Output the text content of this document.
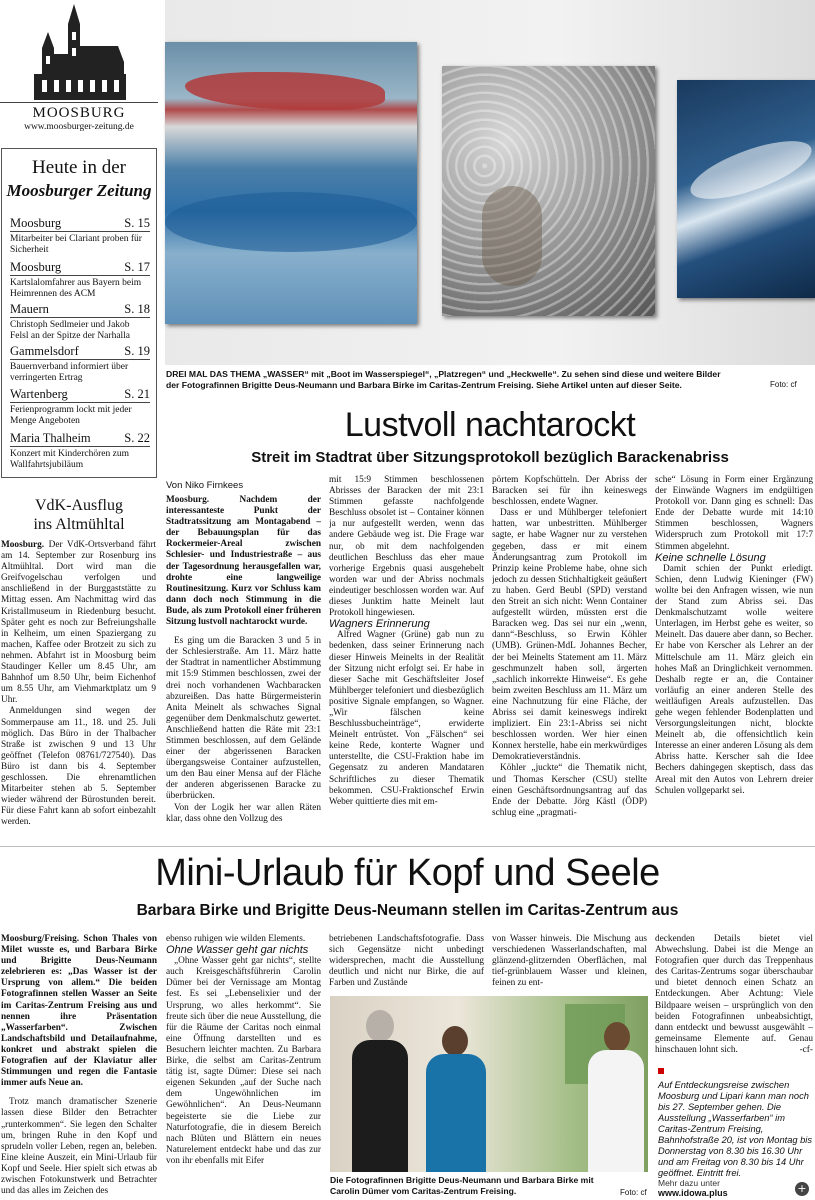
MOOSBURG
www.moosburger-zeitung.de
Heute in der
Moosburger Zeitung
Moosburg	S. 15
Mitarbeiter bei Clariant proben für Sicherheit
Moosburg	S. 17
Kartslalomfahrer aus Bayern beim Heimrennen des ACM
Mauern	S. 18
Christoph Sedlmeier und Jakob Felsl an der Spitze der Narhalla
Gammelsdorf	S. 19
Bauernverband informiert über verringerten Ertrag
Wartenberg	S. 21
Ferienprogramm lockt mit jeder Menge Angeboten
Maria Thalheim	S. 22
Konzert mit Kinderchören zum Wallfahrtsjubiläum
DREI MAL DAS THEMA „WASSER“ mit „Boot im Wasserspiegel“, „Platzregen“ und „Heckwelle“. Zu sehen sind diese und weitere Bilder der Fotografinnen Brigitte Deus-Neumann und Barbara Birke im Caritas-Zentrum Freising. Siehe Artikel unten auf dieser Seite.	Foto: cf
Lustvoll nachtarockt
Streit im Stadtrat über Sitzungsprotokoll bezüglich Barackenabriss
VdK-Ausflug
ins Altmühltal

Moosburg. Der VdK-Ortsverband fährt am 14. September zur Rosenburg ins Altmühltal. Dort wird man die Greifvogelschau verfolgen und anschließend in der Burggaststätte zu Mittag essen. Am Nachmittag wird das Kristallmuseum in Riedenburg besucht. Später geht es noch zur Befreiungshalle in Kelheim, um einen Spaziergang zu machen, Kaffee oder Brotzeit zu sich zu nehmen. Abfahrt ist in Moosburg beim Staudinger Keller um 8.45 Uhr, am Bahnhof um 8.50 Uhr, beim Eichenhof um 8.55 Uhr, am Viehmarktplatz um 9 Uhr.

Anmeldungen sind wegen der Sommerpause am 11., 18. und 25. Juli möglich. Das Büro in der Thalbacher Straße ist zwischen 9 und 13 Uhr geöffnet (Telefon 08761/727540). Das Büro ist dann bis 4. September geschlossen. Die ehrenamtlichen Mitarbeiter stehen ab 5. September wieder während der Bürostunden bereit. Für diese Fahrt kann ab sofort einbezahlt werden.

Von Niko Firnkees

Moosburg. Nachdem der interessanteste Punkt der Stadtratssitzung am Montagabend – der Bebauungsplan für das Rockermeier-Areal zwischen Schlesier- und Industriestraße – aus der Tagesordnung herausgefallen war, drohte eine langweilige Routinesitzung. Kurz vor Schluss kam dann doch noch Stimmung in die Bude, als zum Protokoll einer früheren Sitzung lustvoll nachtarockt wurde.

Es ging um die Baracken 3 und 5 in der Schlesierstraße. Am 11. März hatte der Stadtrat in namentlicher Abstimmung mit 15:9 Stimmen beschlossen, zwei der drei noch vorhandenen Wachbaracken abzureißen. Das hatte Bürgermeisterin Anita Meinelt als schwaches Signal gegenüber dem Denkmalschutz gewertet. Anschließend hatten die Räte mit 23:1 Stimmen beschlossen, auf dem Gelände einer der abgerissenen Baracken übergangsweise Container aufzustellen, um den Bau einer Mensa auf der Fläche der anderen abgerissenen Baracke zu überbrücken.

Von der Logik her war allen Räten klar, dass ohne den Vollzug des

mit 15:9 Stimmen beschlossenen Abrisses der Baracken der mit 23:1 Stimmen gefasste nachfolgende Beschluss obsolet ist – Container können ja nur aufgestellt werden, wenn das andere Gebäude weg ist. Die Frage war nur, ob mit dem nachfolgenden deutlichen Beschluss das eher maue vorherige Ergebnis quasi ausgehebelt worden war und der Abriss nochmals eindeutiger beschlossen worden war. Auf dieses Junktim hatte Meinelt laut Protokoll hingewiesen.

Wagners Erinnerung

Alfred Wagner (Grüne) gab nun zu bedenken, dass seiner Erinnerung nach dieser Hinweis Meinelts in der Realität der Sitzung nicht erfolgt sei. Er habe in dieser Sache mit Geschäftsleiter Josef Mühlberger telefoniert und diesbezüglich positive Signale empfangen, so Wagner. „Wir fälschen keine Beschlussbucheinträge“, erwiderte Meinelt entrüstet. Von „Fälschen“ sei keine Rede, konterte Wagner und unterstellte, die CSU-Fraktion habe im Gegensatz zu anderen Mandataren Schriftliches zu dieser Thematik bekommen. CSU-Fraktionschef Erwin Weber quittierte dies mit em-

pörtem Kopfschütteln. Der Abriss der Baracken sei für ihn keineswegs beschlossen, endete Wagner.

Dass er und Mühlberger telefoniert hatten, war unbestritten. Mühlberger sagte, er habe Wagner nur zu verstehen gegeben, dass er mit einem Änderungsantrag zum Protokoll im Prinzip keine Probleme habe, ohne sich jedoch zu dessen Stichhaltigkeit geäußert zu haben. Gerd Beubl (SPD) verstand den Streit an sich nicht: Wenn Container aufgestellt würden, müssten erst die Baracken weg. Das sei nur ein „wenn, dann“-Beschluss, so Erwin Köhler (UMB). Grünen-MdL Johannes Becher, der bei Meinelts Statement am 11. März geschmunzelt haben soll, ärgerten „sachlich inkorrekte Hinweise“. Es gehe beim zweiten Beschluss am 11. März um eine Nachnutzung für eine Fläche, der Abriss sei damit keineswegs indirekt impliziert. Ein 23:1-Abriss sei nicht beschlossen worden. Wer hier einen Konnex herstelle, habe ein merkwürdiges Demokratieverständnis.

Köhler „juckte“ die Thematik nicht, und Thomas Kerscher (CSU) stellte einen Geschäftsordnungsantrag auf das Ende der Debatte. Jörg Kästl (ÖDP) schlug eine „pragmati-

sche“ Lösung in Form einer Ergänzung der Einwände Wagners im endgültigen Protokoll vor. Dann ging es schnell: Das Ende der Debatte wurde mit 14:10 Stimmen beschlossen, Wagners Widerspruch zum Protokoll mit 17:7 Stimmen abgelehnt.

Keine schnelle Lösung

Damit schien der Punkt erledigt. Schien, denn Ludwig Kieninger (FW) wollte bei den Anfragen wissen, wie nun der Stand zum Abriss sei. Das Denkmalschutzamt wolle weitere Unterlagen, im Herbst gehe es weiter, so Meinelt. Das dauere aber dann, so Becher. Er habe von Kerscher als Lehrer an der Mittelschule am 11. März gleich ein hohes Maß an Dringlichkeit vernommen. Deshalb regte er an, die Container vorläufig an einer anderen Stelle des weitläufigen Areals aufzustellen. Das gehe wegen fehlender Bodenplatten und Versorgungsleitungen nicht, blockte Meinelt ab, die offensichtlich kein Interesse an einer anderen Lösung als dem Abriss hatte. Kerscher sah die Idee Bechers dahingegen skeptisch, dass das Areal mit den Autos von Lehrern dreier Schulen vollgeparkt sei.

Mini-Urlaub für Kopf und Seele
Barbara Birke und Brigitte Deus-Neumann stellen im Caritas-Zentrum aus

Moosburg/Freising. Schon Thales von Milet wusste es, und Barbara Birke und Brigitte Deus-Neumann zelebrieren es: „Das Wasser ist der Ursprung von allem.“ Die beiden Fotografinnen stellen Wasser an Seite im Caritas-Zentrum Freising aus und nennen ihre Präsentation „Wasserfarben“. Zwischen Landschaftsbild und Detailaufnahme, konkret und abstrakt spielen die Fotografien auf der Klaviatur aller Stimmungen und regen die Fantasie immer aufs Neue an.

Trotz manch dramatischer Szenerie lassen diese Bilder den Betrachter „runterkommen“. Sie legen den Schalter um, bringen Ruhe in den Kopf und sprudeln voller Leben, regen an, beleben. Eine kleine Auszeit, ein Mini-Urlaub für Kopf und Seele. Hier spielt sich etwas ab zwischen Fotokunstwerk und Betrachter und das alles im Zeichen des

ebenso ruhigen wie wilden Elements.

Ohne Wasser geht gar nichts

„Ohne Wasser geht gar nichts“, stellte auch Kreisgeschäftsführerin Carolin Dümer bei der Vernissage am Montag fest. Es sei „Lebenselixier und der Ursprung, wo alles herkommt“. Sie freute sich über die neue Ausstellung, die für die Räume der Caritas noch einmal eine Öffnung darstellten und es Besuchern leichter machten. Zu Barbara Birke, die selbst am Caritas-Zentrum tätig ist, sagte Dümer: Diese sei nach eigenen Sekunden „auf der Suche nach dem Ungewöhnlichen im Gewöhnlichen“. An Deus-Neumann begeisterte sie die Liebe zur Naturfotografie, die in diesem Bereich nach Blüten und Blättern ein neues Naturelement entdeckt habe und das zur von ihr ebenfalls mit Eifer

betriebenen Landschaftsfotografie. Dass sich Gegensätze nicht unbedingt widersprechen, macht die Ausstellung deutlich und nicht nur Birke, die auf Farben und Zustände

von Wasser hinweis. Die Mischung aus verschiedenen Wasserlandschaften, mal glänzend-glitzernden Oberflächen, mal tief-grünblauem Wasser und kleinen, feinen zu ent-

deckenden Details bietet viel Abwechslung. Dabei ist die Menge an Fotografien quer durch das Treppenhaus des Caritas-Zentrums sogar überschaubar und bietet dennoch einen Schatz an Entdeckungen. Aber Achtung: Viele Bildpaare weisen – ursprünglich von den beiden Fotografinnen unbeabsichtigt, dann entdeckt und bewusst ausgewählt – gemeinsame Elemente auf. Genau hinschauen lohnt sich.	-cf-

Auf Entdeckungsreise zwischen Moosburg und Lipari kann man noch bis 27. September gehen. Die Ausstellung „Wasserfarben“ im Caritas-Zentrum Freising, Bahnhofstraße 20, ist von Montag bis Donnerstag von 8.30 bis 16.30 Uhr und am Freitag von 8.30 bis 14 Uhr geöffnet. Eintritt frei.
Mehr dazu unter
www.idowa.plus	+
Die Fotografinnen Brigitte Deus-Neumann und Barbara Birke mit Carolin Dümer vom Caritas-Zentrum Freising.	Foto: cf
